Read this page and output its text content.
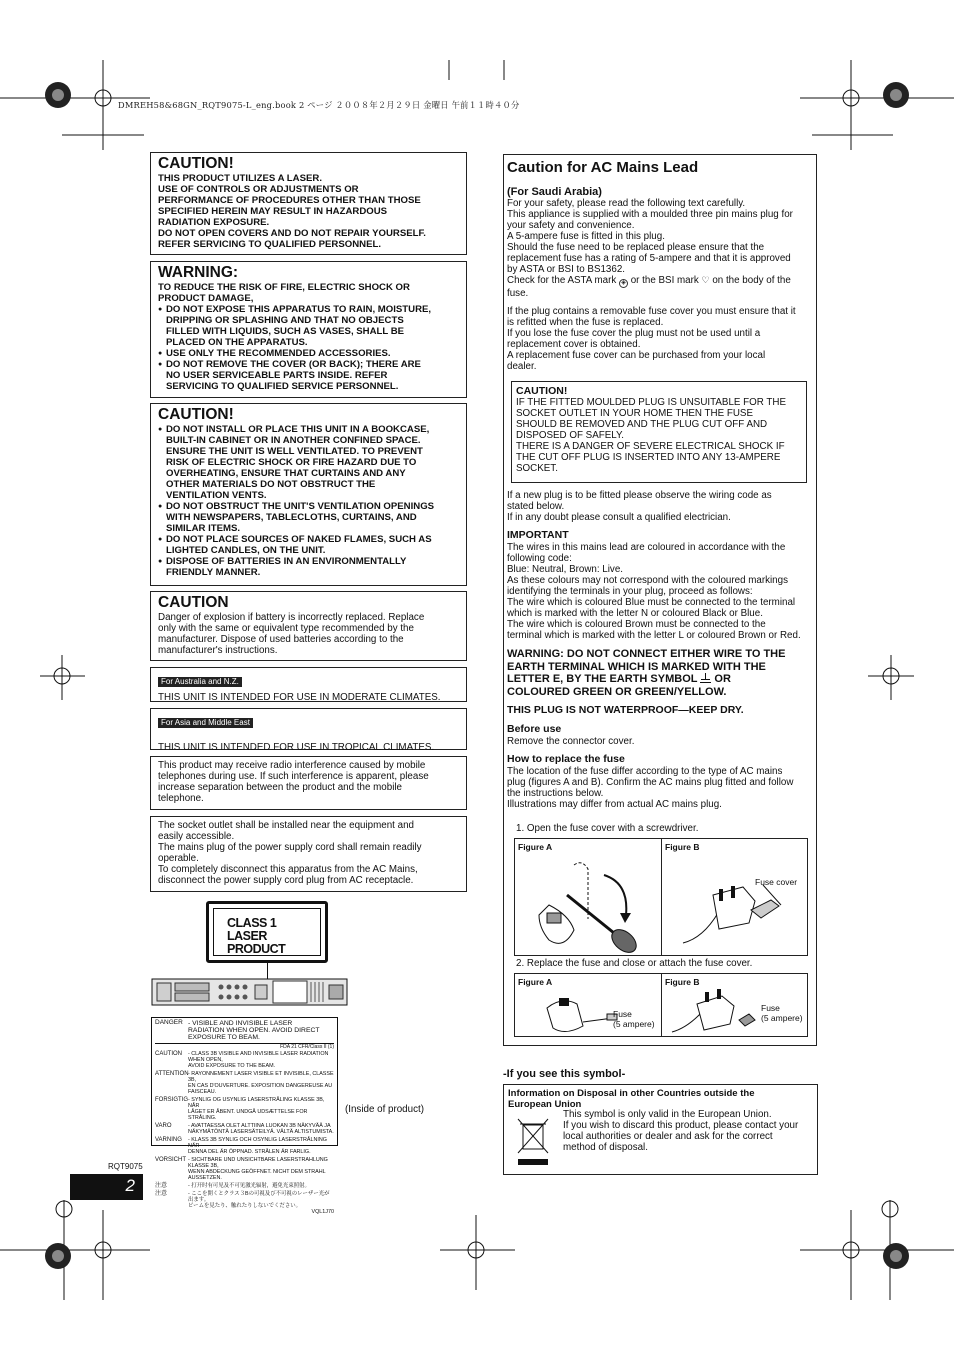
DMREH58&68GN_RQT9075-L_eng.book 2 ページ ２００８年２月２９日 金曜日 午前１１時４０分
CAUTION!
THIS PRODUCT UTILIZES A LASER.
USE OF CONTROLS OR ADJUSTMENTS OR
PERFORMANCE OF PROCEDURES OTHER THAN THOSE
SPECIFIED HEREIN MAY RESULT IN HAZARDOUS
RADIATION EXPOSURE.
DO NOT OPEN COVERS AND DO NOT REPAIR YOURSELF.
REFER SERVICING TO QUALIFIED PERSONNEL.
WARNING:
TO REDUCE THE RISK OF FIRE, ELECTRIC SHOCK OR
PRODUCT DAMAGE,
● DO NOT EXPOSE THIS APPARATUS TO RAIN, MOISTURE,
DRIPPING OR SPLASHING AND THAT NO OBJECTS
FILLED WITH LIQUIDS, SUCH AS VASES, SHALL BE
PLACED ON THE APPARATUS.
● USE ONLY THE RECOMMENDED ACCESSORIES.
● DO NOT REMOVE THE COVER (OR BACK); THERE ARE
NO USER SERVICEABLE PARTS INSIDE. REFER
SERVICING TO QUALIFIED SERVICE PERSONNEL.
CAUTION!
● DO NOT INSTALL OR PLACE THIS UNIT IN A BOOKCASE,
BUILT-IN CABINET OR IN ANOTHER CONFINED SPACE.
ENSURE THE UNIT IS WELL VENTILATED. TO PREVENT
RISK OF ELECTRIC SHOCK OR FIRE HAZARD DUE TO
OVERHEATING, ENSURE THAT CURTAINS AND ANY
OTHER MATERIALS DO NOT OBSTRUCT THE
VENTILATION VENTS.
● DO NOT OBSTRUCT THE UNIT'S VENTILATION OPENINGS
WITH NEWSPAPERS, TABLECLOTHS, CURTAINS, AND
SIMILAR ITEMS.
● DO NOT PLACE SOURCES OF NAKED FLAMES, SUCH AS
LIGHTED CANDLES, ON THE UNIT.
● DISPOSE OF BATTERIES IN AN ENVIRONMENTALLY
FRIENDLY MANNER.
CAUTION
Danger of explosion if battery is incorrectly replaced. Replace
only with the same or equivalent type recommended by the
manufacturer. Dispose of used batteries according to the
manufacturer's instructions.
For Australia and N.Z.
THIS UNIT IS INTENDED FOR USE IN MODERATE CLIMATES.
For Asia and Middle East
THIS UNIT IS INTENDED FOR USE IN TROPICAL CLIMATES.
This product may receive radio interference caused by mobile
telephones during use. If such interference is apparent, please
increase separation between the product and the mobile
telephone.
The socket outlet shall be installed near the equipment and
easily accessible.
The mains plug of the power supply cord shall remain readily
operable.
To completely disconnect this apparatus from the AC Mains,
disconnect the power supply cord plug from AC receptacle.
CLASS 1
LASER PRODUCT
DANGER - VISIBLE AND INVISIBLE LASER
RADIATION WHEN OPEN. AVOID DIRECT
EXPOSURE TO BEAM.
FDA 21 CFR/Class II (1)
CAUTION	- CLASS 3B VISIBLE AND INVISIBLE LASER RADIATION WHEN OPEN,
AVOID EXPOSURE TO THE BEAM.
ATTENTION - RAYONNEMENT LASER VISIBLE ET INVISIBLE, CLASSE 3B,
EN CAS D'OUVERTURE. EXPOSITION DANGEREUSE AU FAISCEAU.
FORSIGTIG - SYNLIG OG USYNLIG LASERSTRÅLING KLASSE 3B, NÅR
LÅGET ER ÅBENT. UNDGÅ UDSÆTTELSE FOR STRÅLING.
VARO	- AVATTAESSA OLET ALTTIINA LUOKAN 3B NÄKYVÄÄ JA
NÄKYMÄTÖNTÄ LASERSÄTEILYÄ. VÄLTÄ ALTISTUMISTA.
VARNING	- KLASS 3B SYNLIG OCH OSYNLIG LASERSTRÅLNING NÄR
DENNA DEL ÄR ÖPPNAD. STRÅLEN ÄR FARLIG.
VORSICHT - SICHTBARE UND UNSICHTBARE LASERSTRAHLUNG KLASSE 3B,
WENN ABDECKUNG GEÖFFNET. NICHT DEM STRAHL AUSSETZEN.
注意	- 打开时有可见及不可见激光辐射，避免光束照射。
注意	- ここを開くとクラス３Bの可視及び不可視のレーザー光が出ます。
ビームを見たり、触れたりしないでください。
VQL1J70
(Inside of product)
RQT9075
2
Caution for AC Mains Lead
(For Saudi Arabia)
For your safety, please read the following text carefully.
This appliance is supplied with a moulded three pin mains plug for
your safety and convenience.
A 5-ampere fuse is fitted in this plug.
Should the fuse need to be replaced please ensure that the
replacement fuse has a rating of 5-ampere and that it is approved
by ASTA or BSI to BS1362.
Check for the ASTA mark ◈ or the BSI mark ♡ on the body of the
fuse.
If the plug contains a removable fuse cover you must ensure that it
is refitted when the fuse is replaced.
If you lose the fuse cover the plug must not be used until a
replacement cover is obtained.
A replacement fuse cover can be purchased from your local
dealer.
CAUTION!
IF THE FITTED MOULDED PLUG IS UNSUITABLE FOR THE
SOCKET OUTLET IN YOUR HOME THEN THE FUSE
SHOULD BE REMOVED AND THE PLUG CUT OFF AND
DISPOSED OF SAFELY.
THERE IS A DANGER OF SEVERE ELECTRICAL SHOCK IF
THE CUT OFF PLUG IS INSERTED INTO ANY 13-AMPERE
SOCKET.
If a new plug is to be fitted please observe the wiring code as
stated below.
If in any doubt please consult a qualified electrician.
IMPORTANT
The wires in this mains lead are coloured in accordance with the
following code:
Blue: Neutral, Brown: Live.
As these colours may not correspond with the coloured markings
identifying the terminals in your plug, proceed as follows:
The wire which is coloured Blue must be connected to the terminal
which is marked with the letter N or coloured Black or Blue.
The wire which is coloured Brown must be connected to the
terminal which is marked with the letter L or coloured Brown or Red.
WARNING: DO NOT CONNECT EITHER WIRE TO THE
EARTH TERMINAL WHICH IS MARKED WITH THE
LETTER E, BY THE EARTH SYMBOL OR
COLOURED GREEN OR GREEN/YELLOW.
THIS PLUG IS NOT WATERPROOF—KEEP DRY.
Before use
Remove the connector cover.
How to replace the fuse
The location of the fuse differ according to the type of AC mains
plug (figures A and B). Confirm the AC mains plug fitted and follow
the instructions below.
Illustrations may differ from actual AC mains plug.
1. Open the fuse cover with a screwdriver.
Figure A	Figure B
Fuse cover
2. Replace the fuse and close or attach the fuse cover.
Figure A	Figure B
Fuse
(5 ampere)
Fuse
(5 ampere)
-If you see this symbol-
Information on Disposal in other Countries outside the
European Union
This symbol is only valid in the European Union.
If you wish to discard this product, please contact your
local authorities or dealer and ask for the correct
method of disposal.
